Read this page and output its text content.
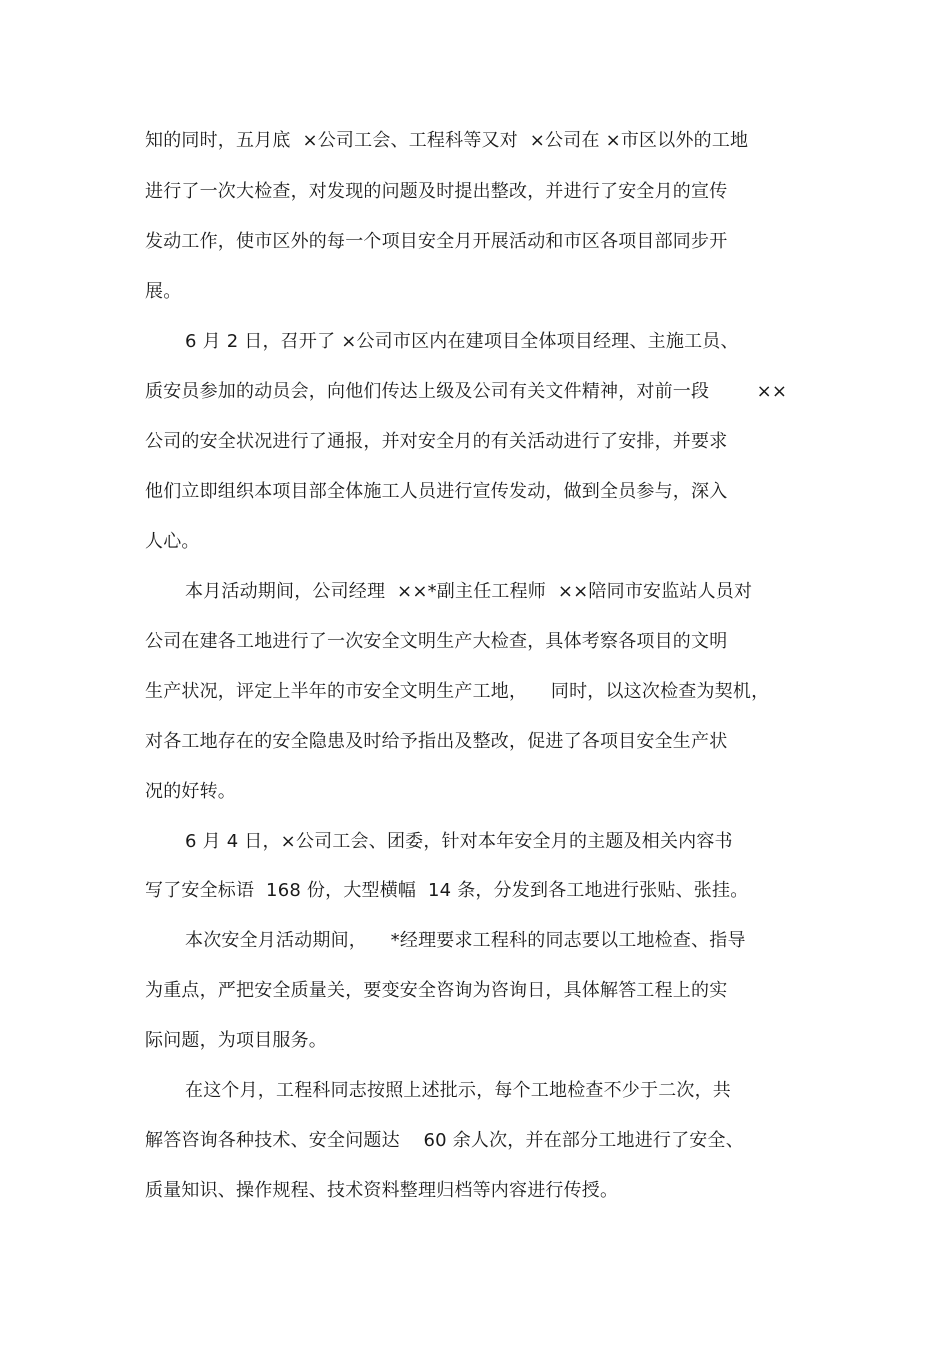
知的同时，五月底  ×公司工会、工程科等又对  ×公司在 ×市区以外的工地
进行了一次大检查，对发现的问题及时提出整改，并进行了安全月的宣传
发动工作，使市区外的每一个项目安全月开展活动和市区各项目部同步开
展。
6 月 2 日，召开了 ×公司市区内在建项目全体项目经理、主施工员、
质安员参加的动员会，向他们传达上级及公司有关文件精神，对前一段        ××
公司的安全状况进行了通报，并对安全月的有关活动进行了安排，并要求
他们立即组织本项目部全体施工人员进行宣传发动，做到全员参与，深入
人心。
本月活动期间，公司经理  ××*副主任工程师  ××陪同市安监站人员对
公司在建各工地进行了一次安全文明生产大检查，具体考察各项目的文明
生产状况，评定上半年的市安全文明生产工地，    同时，以这次检查为契机，
对各工地存在的安全隐患及时给予指出及整改，促进了各项目安全生产状
况的好转。
6 月 4 日，×公司工会、团委，针对本年安全月的主题及相关内容书
写了安全标语  168 份，大型横幅  14 条，分发到各工地进行张贴、张挂。
本次安全月活动期间，    *经理要求工程科的同志要以工地检查、指导
为重点，严把安全质量关，要变安全咨询为咨询日，具体解答工程上的实
际问题，为项目服务。
在这个月，工程科同志按照上述批示，每个工地检查不少于二次，共
解答咨询各种技术、安全问题达    60 余人次，并在部分工地进行了安全、
质量知识、操作规程、技术资料整理归档等内容进行传授。
